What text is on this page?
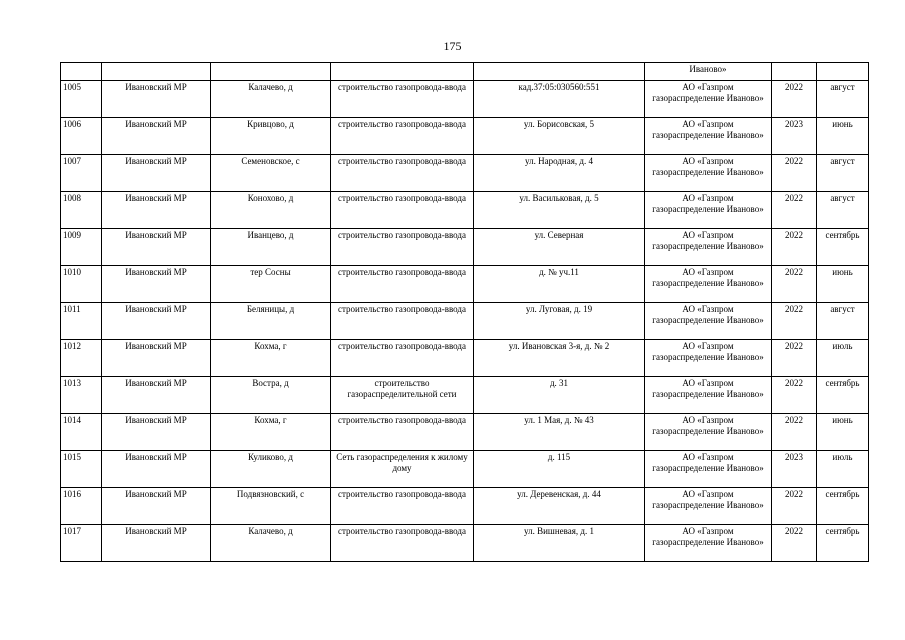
175
					Иваново»		
1005	Ивановский МР	Калачево, д	строительство газопровода-ввода	кад.37:05:030560:551	АО «Газпром газораспределение Иваново»	2022	август
1006	Ивановский МР	Кривцово, д	строительство газопровода-ввода	ул. Борисовская, 5	АО «Газпром газораспределение Иваново»	2023	июнь
1007	Ивановский МР	Семеновское, с	строительство газопровода-ввода	ул. Народная, д. 4	АО «Газпром газораспределение Иваново»	2022	август
1008	Ивановский МР	Конохово, д	строительство газопровода-ввода	ул. Васильковая, д. 5	АО «Газпром газораспределение Иваново»	2022	август
1009	Ивановский МР	Иванцево, д	строительство газопровода-ввода	ул. Северная	АО «Газпром газораспределение Иваново»	2022	сентябрь
1010	Ивановский МР	тер Сосны	строительство газопровода-ввода	д. № уч.11	АО «Газпром газораспределение Иваново»	2022	июнь
1011	Ивановский МР	Беляницы, д	строительство газопровода-ввода	ул. Луговая, д. 19	АО «Газпром газораспределение Иваново»	2022	август
1012	Ивановский МР	Кохма, г	строительство газопровода-ввода	ул. Ивановская 3-я, д. № 2	АО «Газпром газораспределение Иваново»	2022	июль
1013	Ивановский МР	Востра, д	строительство газораспределительной сети	д. 31	АО «Газпром газораспределение Иваново»	2022	сентябрь
1014	Ивановский МР	Кохма, г	строительство газопровода-ввода	ул. 1 Мая, д. № 43	АО «Газпром газораспределение Иваново»	2022	июнь
1015	Ивановский МР	Куликово, д	Сеть газораспределения к жилому дому	д. 115	АО «Газпром газораспределение Иваново»	2023	июль
1016	Ивановский МР	Подвязновский, с	строительство газопровода-ввода	ул. Деревенская, д. 44	АО «Газпром газораспределение Иваново»	2022	сентябрь
1017	Ивановский МР	Калачево, д	строительство газопровода-ввода	ул. Вишневая, д. 1	АО «Газпром газораспределение Иваново»	2022	сентябрь
